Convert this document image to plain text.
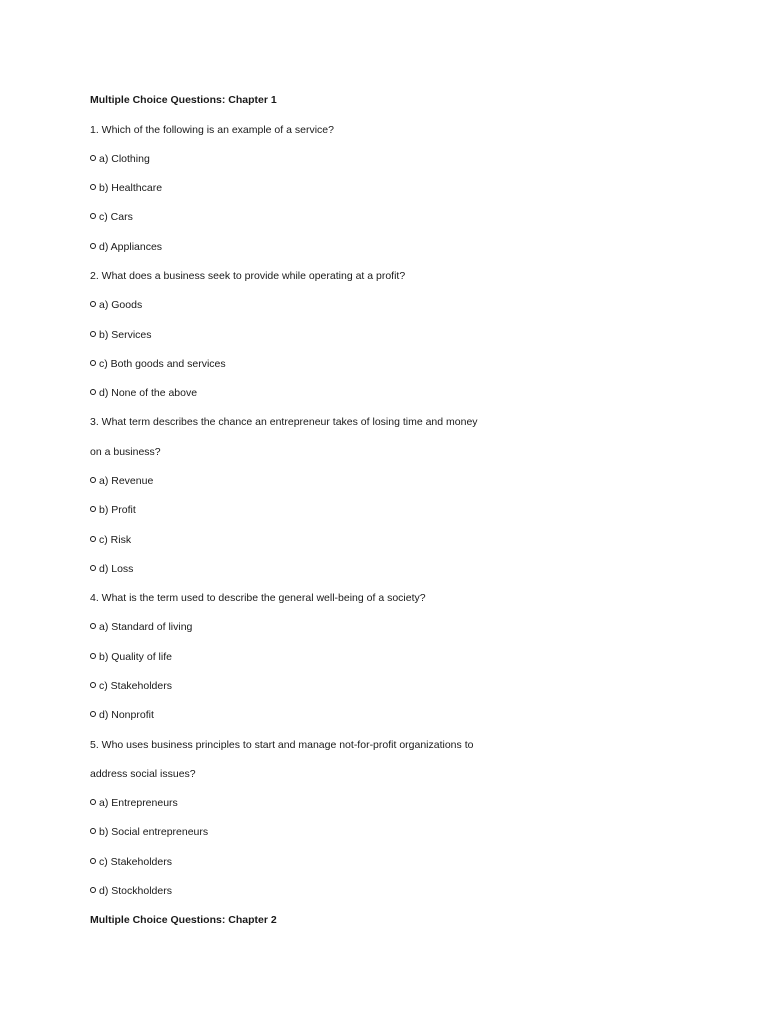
Multiple Choice Questions: Chapter 1
1. Which of the following is an example of a service?
a) Clothing
b) Healthcare
c) Cars
d) Appliances
2. What does a business seek to provide while operating at a profit?
a) Goods
b) Services
c) Both goods and services
d) None of the above
3. What term describes the chance an entrepreneur takes of losing time and money
on a business?
a) Revenue
b) Profit
c) Risk
d) Loss
4. What is the term used to describe the general well-being of a society?
a) Standard of living
b) Quality of life
c) Stakeholders
d) Nonprofit
5. Who uses business principles to start and manage not-for-profit organizations to
address social issues?
a) Entrepreneurs
b) Social entrepreneurs
c) Stakeholders
d) Stockholders
Multiple Choice Questions: Chapter 2
